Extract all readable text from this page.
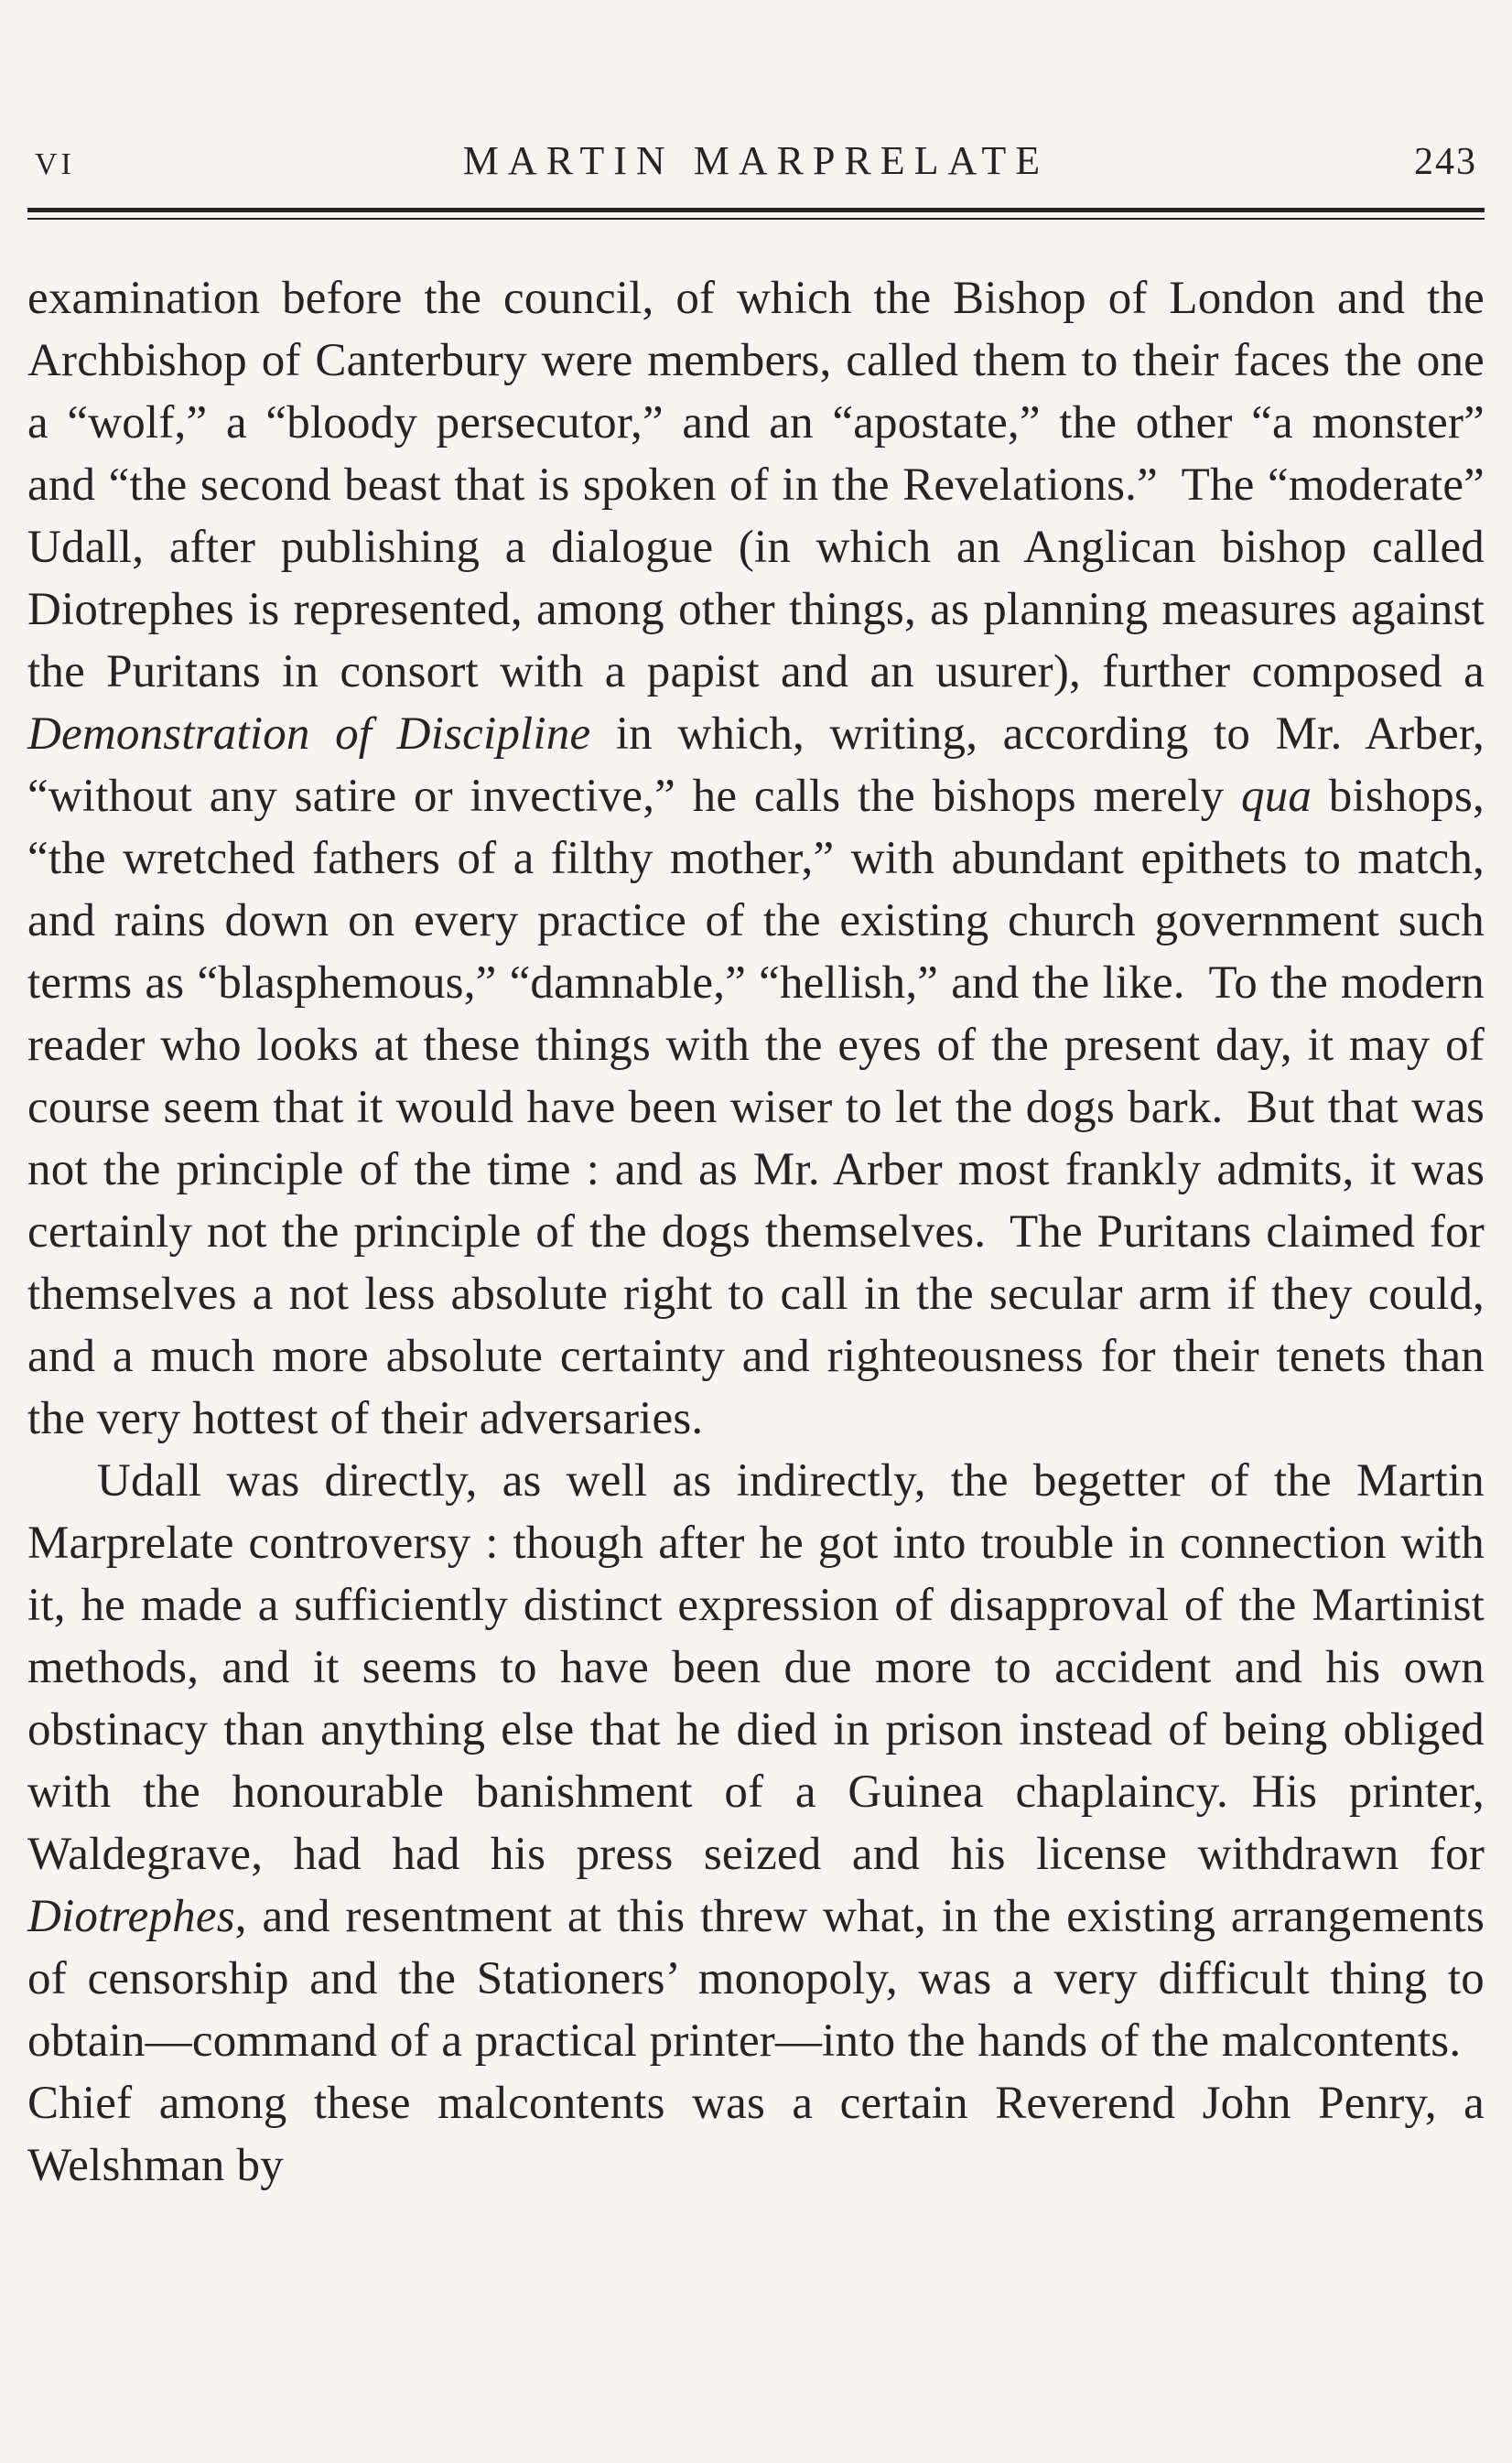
VI	MARTIN MARPRELATE	243

examination before the council, of which the Bishop of London and the Archbishop of Canterbury were members, called them to their faces the one a “wolf,” a “bloody persecutor,” and an “apostate,” the other “a monster” and “the second beast that is spoken of in the Revelations.” The “moderate” Udall, after publishing a dialogue (in which an Anglican bishop called Diotrephes is represented, among other things, as planning measures against the Puritans in consort with a papist and an usurer), further composed a Demonstration of Discipline in which, writing, according to Mr. Arber, “without any satire or invective,” he calls the bishops merely qua bishops, “the wretched fathers of a filthy mother,” with abundant epithets to match, and rains down on every practice of the existing church government such terms as “blasphemous,” “damnable,” “hellish,” and the like. To the modern reader who looks at these things with the eyes of the present day, it may of course seem that it would have been wiser to let the dogs bark. But that was not the principle of the time : and as Mr. Arber most frankly admits, it was certainly not the principle of the dogs themselves. The Puritans claimed for themselves a not less absolute right to call in the secular arm if they could, and a much more absolute certainty and righteousness for their tenets than the very hottest of their adversaries.

Udall was directly, as well as indirectly, the begetter of the Martin Marprelate controversy : though after he got into trouble in connection with it, he made a sufficiently distinct expression of disapproval of the Martinist methods, and it seems to have been due more to accident and his own obstinacy than anything else that he died in prison instead of being obliged with the honourable banishment of a Guinea chaplaincy. His printer, Waldegrave, had had his press seized and his license withdrawn for Diotrephes, and resentment at this threw what, in the existing arrangements of censorship and the Stationers’ monopoly, was a very difficult thing to obtain—command of a practical printer—into the hands of the malcontents. Chief among these malcontents was a certain Reverend John Penry, a Welshman by
